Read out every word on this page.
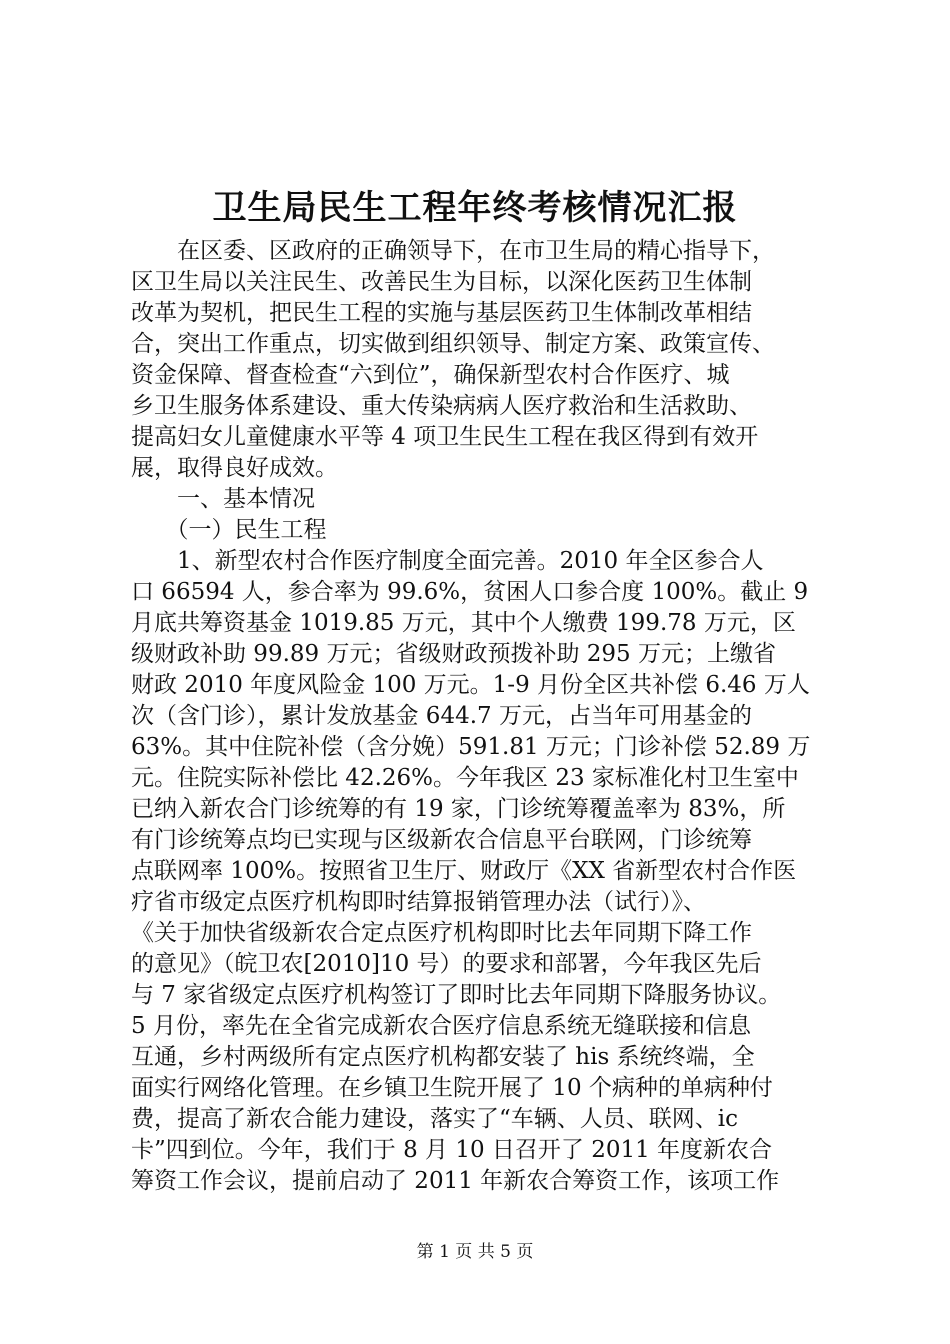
卫生局民生工程年终考核情况汇报

　　在区委、区政府的正确领导下，在市卫生局的精心指导下，

区卫生局以关注民生、改善民生为目标，以深化医药卫生体制

改革为契机，把民生工程的实施与基层医药卫生体制改革相结

合，突出工作重点，切实做到组织领导、制定方案、政策宣传、

资金保障、督查检查“六到位”，确保新型农村合作医疗、城

乡卫生服务体系建设、重大传染病病人医疗救治和生活救助、

提高妇女儿童健康水平等 4 项卫生民生工程在我区得到有效开

展，取得良好成效。

　　一、基本情况

　　（一）民生工程

　　1、新型农村合作医疗制度全面完善。2010 年全区参合人

口 66594 人，参合率为 99.6%，贫困人口参合度 100%。截止 9

月底共筹资基金 1019.85 万元，其中个人缴费 199.78 万元，区

级财政补助 99.89 万元；省级财政预拨补助 295 万元；上缴省

财政 2010 年度风险金 100 万元。1-9 月份全区共补偿 6.46 万人

次（含门诊），累计发放基金 644.7 万元，占当年可用基金的

63%。其中住院补偿（含分娩）591.81 万元；门诊补偿 52.89 万

元。住院实际补偿比 42.26%。今年我区 23 家标准化村卫生室中

已纳入新农合门诊统筹的有 19 家，门诊统筹覆盖率为 83%，所

有门诊统筹点均已实现与区级新农合信息平台联网，门诊统筹

点联网率 100%。按照省卫生厅、财政厅《XX 省新型农村合作医

疗省市级定点医疗机构即时结算报销管理办法（试行）》、

《关于加快省级新农合定点医疗机构即时比去年同期下降工作

的意见》（皖卫农[2010]10 号）的要求和部署，今年我区先后

与 7 家省级定点医疗机构签订了即时比去年同期下降服务协议。

5 月份，率先在全省完成新农合医疗信息系统无缝联接和信息

互通，乡村两级所有定点医疗机构都安装了 his 系统终端，全

面实行网络化管理。在乡镇卫生院开展了 10 个病种的单病种付

费，提高了新农合能力建设，落实了“车辆、人员、联网、ic

卡”四到位。今年，我们于 8 月 10 日召开了 2011 年度新农合

筹资工作会议，提前启动了 2011 年新农合筹资工作，该项工作

第 1 页 共 5 页
